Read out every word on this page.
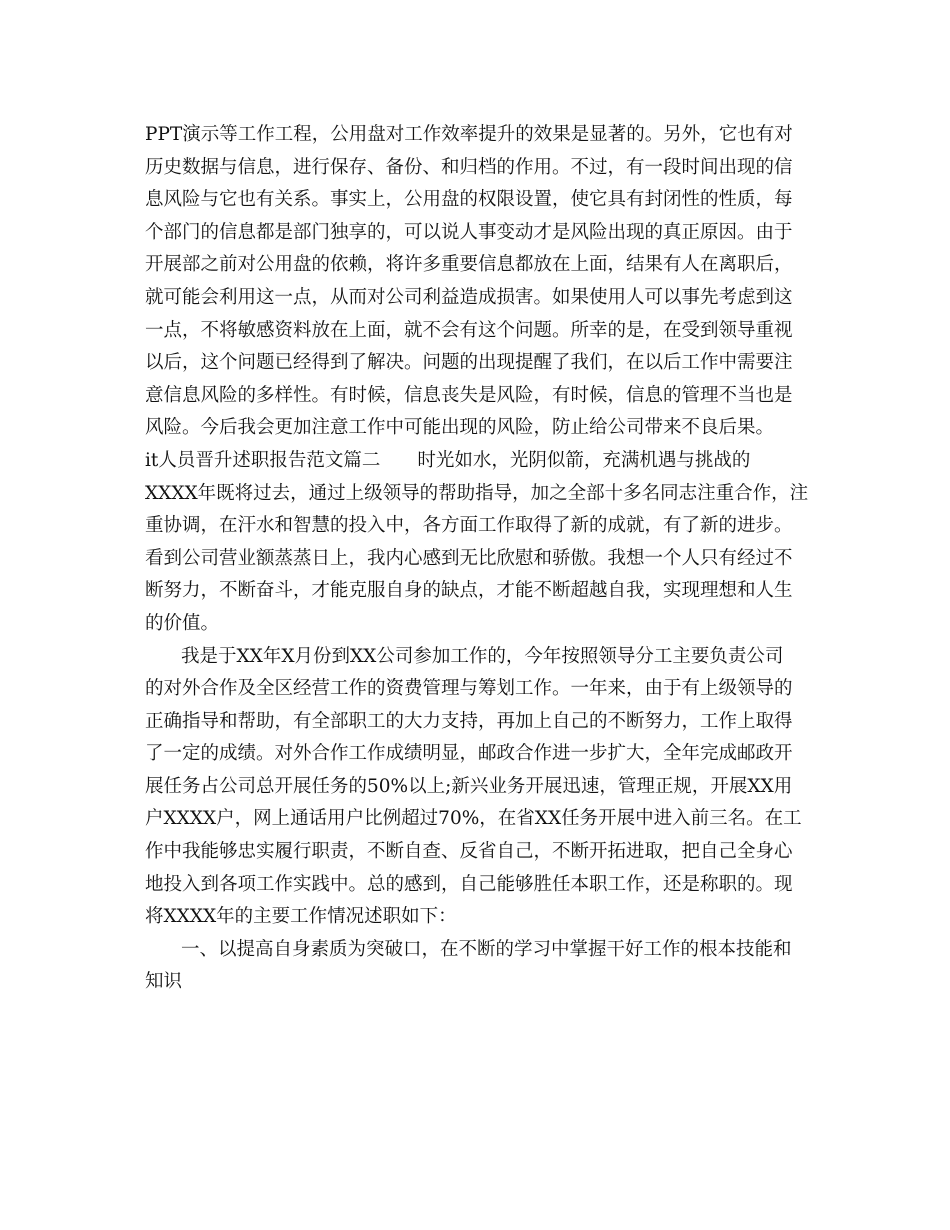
PPT演示等工作工程，公用盘对工作效率提升的效果是显著的。另外，它也有对
历史数据与信息，进行保存、备份、和归档的作用。不过，有一段时间出现的信
息风险与它也有关系。事实上，公用盘的权限设置，使它具有封闭性的性质，每
个部门的信息都是部门独享的，可以说人事变动才是风险出现的真正原因。由于
开展部之前对公用盘的依赖，将许多重要信息都放在上面，结果有人在离职后，
就可能会利用这一点，从而对公司利益造成损害。如果使用人可以事先考虑到这
一点，不将敏感资料放在上面，就不会有这个问题。所幸的是，在受到领导重视
以后，这个问题已经得到了解决。问题的出现提醒了我们，在以后工作中需要注
意信息风险的多样性。有时候，信息丧失是风险，有时候，信息的管理不当也是
风险。今后我会更加注意工作中可能出现的风险，防止给公司带来不良后果。
it人员晋升述职报告范文篇二　　时光如水，光阴似箭，充满机遇与挑战的
XXXX年既将过去，通过上级领导的帮助指导，加之全部十多名同志注重合作，注
重协调，在汗水和智慧的投入中，各方面工作取得了新的成就，有了新的进步。
看到公司营业额蒸蒸日上，我内心感到无比欣慰和骄傲。我想一个人只有经过不
断努力，不断奋斗，才能克服自身的缺点，才能不断超越自我，实现理想和人生
的价值。
我是于XX年X月份到XX公司参加工作的，今年按照领导分工主要负责公司
的对外合作及全区经营工作的资费管理与筹划工作。一年来，由于有上级领导的
正确指导和帮助，有全部职工的大力支持，再加上自己的不断努力，工作上取得
了一定的成绩。对外合作工作成绩明显，邮政合作进一步扩大，全年完成邮政开
展任务占公司总开展任务的50%以上;新兴业务开展迅速，管理正规，开展XX用
户XXXX户，网上通话用户比例超过70%，在省XX任务开展中进入前三名。在工
作中我能够忠实履行职责，不断自查、反省自己，不断开拓进取，把自己全身心
地投入到各项工作实践中。总的感到，自己能够胜任本职工作，还是称职的。现
将XXXX年的主要工作情况述职如下：
一、以提高自身素质为突破口，在不断的学习中掌握干好工作的根本技能和
知识
